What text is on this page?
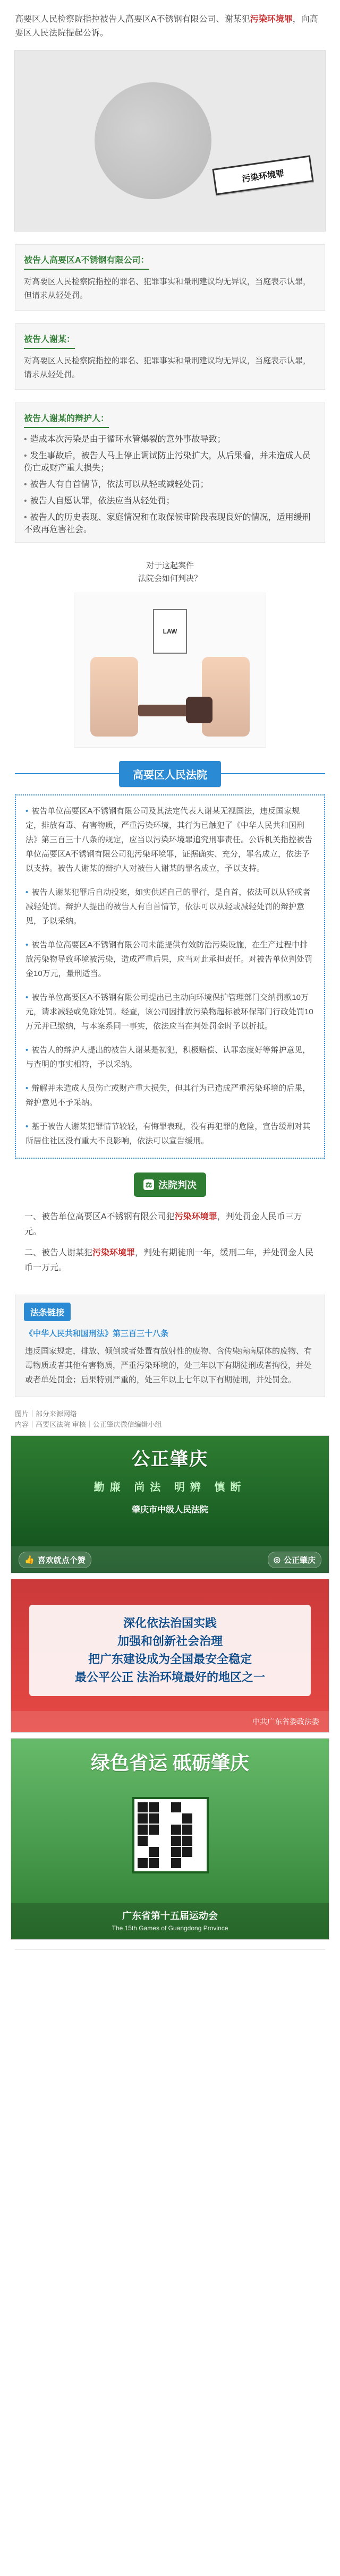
高要区人民检察院指控被告人高要区A不锈钢有限公司、谢某犯污染环境罪，向高要区人民法院提起公诉。
污染环境罪
被告人高要区A不锈钢有限公司：

对高要区人民检察院指控的罪名、犯罪事实和量刑建议均无异议，当庭表示认罪，但请求从轻处罚。

被告人谢某：

对高要区人民检察院指控的罪名、犯罪事实和量刑建议均无异议，当庭表示认罪，请求从轻处罚。

被告人谢某的辩护人：
• 造成本次污染是由于循环水管爆裂的意外事故导致；
• 发生事故后，被告人马上停止调试防止污染扩大，从后果看，并未造成人员伤亡或财产重大损失；
• 被告人有自首情节，依法可以从轻或减轻处罚；
• 被告人自愿认罪，依法应当从轻处罚；
• 被告人的历史表现、家庭情况和在取保候审阶段表现良好的情况，适用缓刑不致再危害社会。
对于这起案件
法院会如何判决？
LAW
高要区人民法院

• 被告单位高要区A不锈钢有限公司及其法定代表人谢某无视国法，违反国家规定，排放有毒、有害物质，严重污染环境，其行为已触犯了《中华人民共和国刑法》第三百三十八条的规定，应当以污染环境罪追究刑事责任。公诉机关指控被告单位高要区A不锈钢有限公司犯污染环境罪，证据确实、充分，罪名成立，依法予以支持。被告人谢某的辩护人对被告人谢某的罪名成立，予以支持。

• 被告人谢某犯罪后自动投案，如实供述自己的罪行，是自首，依法可以从轻或者减轻处罚。辩护人提出的被告人有自首情节，依法可以从轻或减轻处罚的辩护意见，予以采纳。

• 被告单位高要区A不锈钢有限公司未能提供有效防治污染设施，在生产过程中排放污染物导致环境被污染，造成严重后果，应当对此承担责任。对被告单位判处罚金10万元，量刑适当。

• 被告单位高要区A不锈钢有限公司提出已主动向环境保护管理部门交纳罚款10万元，请求减轻或免除处罚。经查，该公司因排放污染物超标被环保部门行政处罚10万元并已缴纳，与本案系同一事实，依法应当在判处罚金时予以折抵。

• 被告人的辩护人提出的被告人谢某是初犯，积极赔偿、认罪态度好等辩护意见，与查明的事实相符，予以采纳。

• 辩解并未造成人员伤亡或财产重大损失，但其行为已造成严重污染环境的后果，辩护意见不予采纳。

• 基于被告人谢某犯罪情节较轻，有悔罪表现，没有再犯罪的危险，宣告缓刑对其所居住社区没有重大不良影响，依法可以宣告缓刑。

⚖ 法院判决
一、被告单位高要区A不锈钢有限公司犯污染环境罪，判处罚金人民币三万元。
二、被告人谢某犯污染环境罪，判处有期徒刑一年，缓刑二年，并处罚金人民币一万元。
法条链接
《中华人民共和国刑法》第三百三十八条
违反国家规定，排放、倾倒或者处置有放射性的废物、含传染病病原体的废物、有毒物质或者其他有害物质，严重污染环境的，处三年以下有期徒刑或者拘役，并处或者单处罚金；后果特别严重的，处三年以上七年以下有期徒刑，并处罚金。
图片｜部分来源网络
内容｜高要区法院 审核｜公正肇庆微信编辑小组
公正肇庆
勤廉 尚法 明辨 慎断
肇庆市中级人民法院
👍 喜欢就点个赞	◎ 公正肇庆
深化依法治国实践
加强和创新社会治理
把广东建设成为全国最安全稳定
最公平公正 法治环境最好的地区之一
中共广东省委政法委
绿色省运 砥砺肇庆
广东省第十五届运动会
The 15th Games of Guangdong Province
